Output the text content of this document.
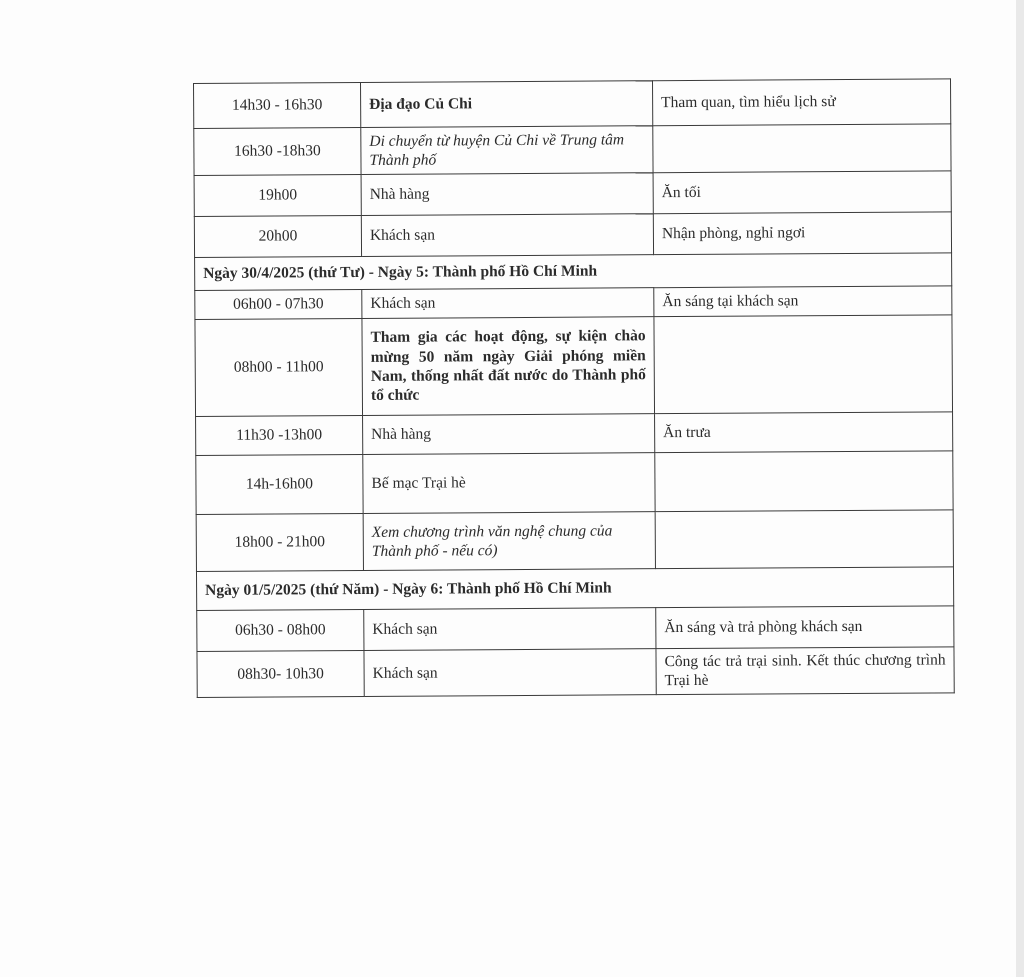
14h30 - 16h30	Địa đạo Củ Chi	Tham quan, tìm hiểu lịch sử
16h30 -18h30	Di chuyển từ huyện Củ Chi về Trung tâm Thành phố	
19h00	Nhà hàng	Ăn tối
20h00	Khách sạn	Nhận phòng, nghỉ ngơi
Ngày 30/4/2025 (thứ Tư) - Ngày 5: Thành phố Hồ Chí Minh		
06h00 - 07h30	Khách sạn	Ăn sáng tại khách sạn
08h00 - 11h00	Tham gia các hoạt động, sự kiện chào mừng 50 năm ngày Giải phóng miền Nam, thống nhất đất nước do Thành phố tổ chức	
11h30 -13h00	Nhà hàng	Ăn trưa
14h-16h00	Bế mạc Trại hè	
18h00 - 21h00	Xem chương trình văn nghệ chung của Thành phố - nếu có)	
Ngày 01/5/2025 (thứ Năm) - Ngày 6: Thành phố Hồ Chí Minh		
06h30 - 08h00	Khách sạn	Ăn sáng và trả phòng khách sạn
08h30- 10h30	Khách sạn	Công tác trả trại sinh. Kết thúc chương trình Trại hè
